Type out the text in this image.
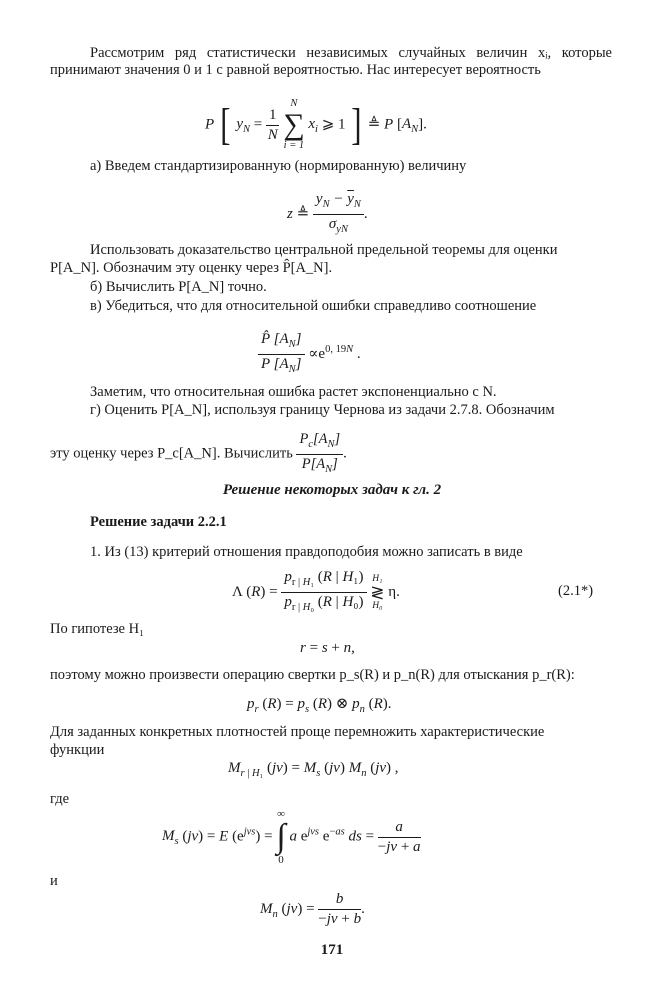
Рассмотрим ряд статистически независимых случайных величин xᵢ, которые принимают значения 0 и 1 с равной вероятностью. Нас интересует вероятность
P [ $y_N = \frac{1}{N}$

N
∑
i = 1
$x_i$ ⩾ 1 ] ≜ P $[A_N]$.
а) Введем стандартизированную (нормированную) величину
z ≜ $\frac{y_N - \overline{y}_N}{\sigma_{yN}}$ .
Использовать доказательство центральной предельной теоремы для оценки
P[A_N]. Обозначим эту оценку через P̂[A_N].
б) Вычислить P[A_N] точно.
в) Убедиться, что для относительной ошибки справедливо соотношение
$\frac{P̂ [A_N]}{P [A_N]} \propto e^{0, 19N}$ .
Заметим, что относительная ошибка растет экспоненциально с N.
г) Оценить P[A_N], используя границу Чернова из задачи 2.7.8. Обозначим
эту оценку через P_c[A_N]. Вычислить $\frac{P_c[A_N]}{P[A_N]}$ .
Решение некоторых задач к гл. 2
Решение задачи 2.2.1
1. Из (13) критерий отношения правдоподобия можно записать в виде
Λ $(R) = \frac{p_{r | H_1} (R | H_1)}{p_{r | H_0} (R | H_0)}$
H₁
≷
H₀
η.	(2.1*)
По гипотезе H₁
r = s + n,
поэтому можно произвести операцию свертки p_s(R) и p_n(R) для отыскания p_r(R):
$p_r$ $(R) = p_s$ (R) ⊗ $p_n$ (R).
Для заданных конкретных плотностей проще перемножить характеристические
функции
$M_{r | H_1}$ $(jv) = M_s$ (jv) $M_n$ (jv) ,
где
$M_s$ (jv) = E $(e^{jvs})$ =
∞
∫
0
a $e^{jvs}$ $e^{-as}$ ds = $\frac{a}{-jv + a}$
и
$M_n$ $(jv) = \frac{b}{-jv + b}$ .
171
